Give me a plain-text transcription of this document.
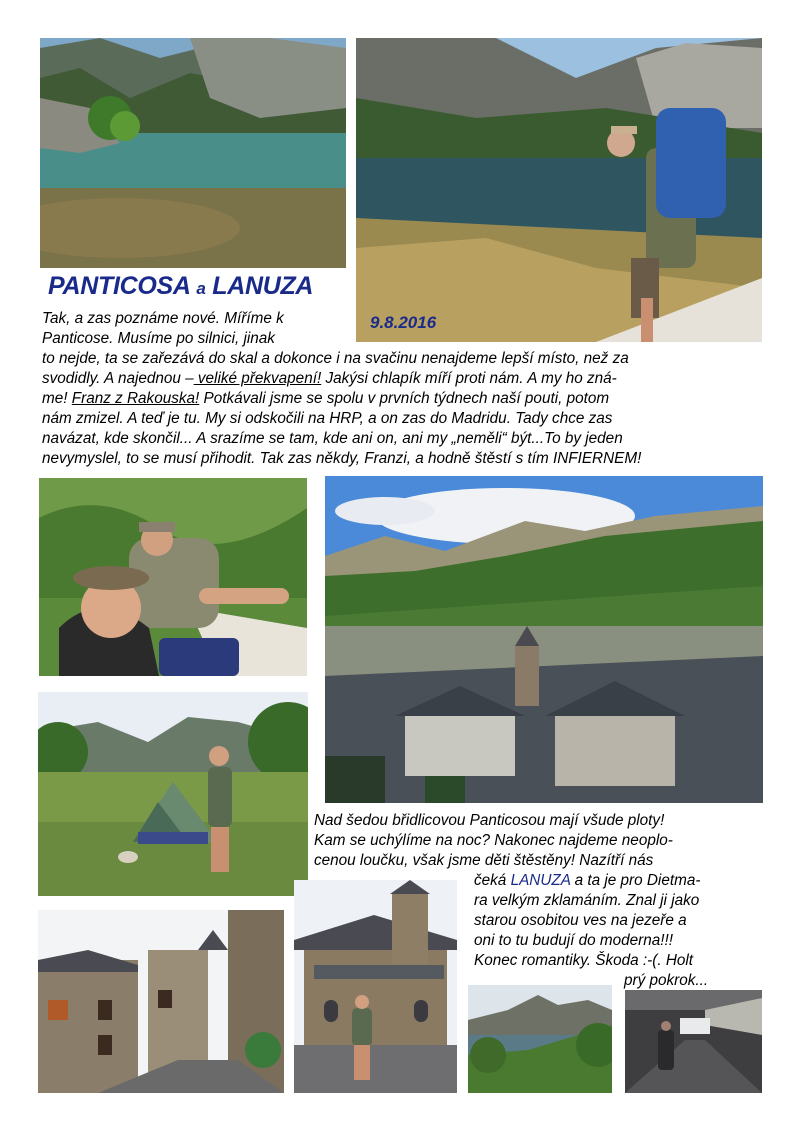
PANTICOSA a LANUZA
9.8.2016
Tak, a zas poznáme nové. Míříme k
Panticose. Musíme po silnici, jinak
to nejde, ta se zařezává do skal a dokonce i na svačinu nenajdeme lepší místo, než za
svodidly. A najednou – veliké překvapení! Jakýsi chlapík míří proti nám. A my ho zná-
me! Franz z Rakouska! Potkávali jsme se spolu v prvních týdnech naší pouti, potom
nám zmizel. A teď je tu. My si odskočili na HRP, a on zas do Madridu. Tady chce zas
navázat, kde skončil... A srazíme se tam, kde ani on, ani my „neměli“ být...To by jeden
nevymyslel, to se musí přihodit. Tak zas někdy, Franzi, a hodně štěstí s tím INFIERNEM!
Nad šedou břidlicovou Panticosou mají všude ploty!
Kam se uchýlíme na noc? Nakonec najdeme neoplo-
cenou loučku, však jsme děti štěstěny! Nazítří nás
čeká LANUZA a ta je pro Dietma-
ra velkým zklamáním. Znal ji jako
starou osobitou ves na jezeře a
oni to tu budují do moderna!!!
Konec romantiky. Škoda :-(. Holt
prý pokrok...
